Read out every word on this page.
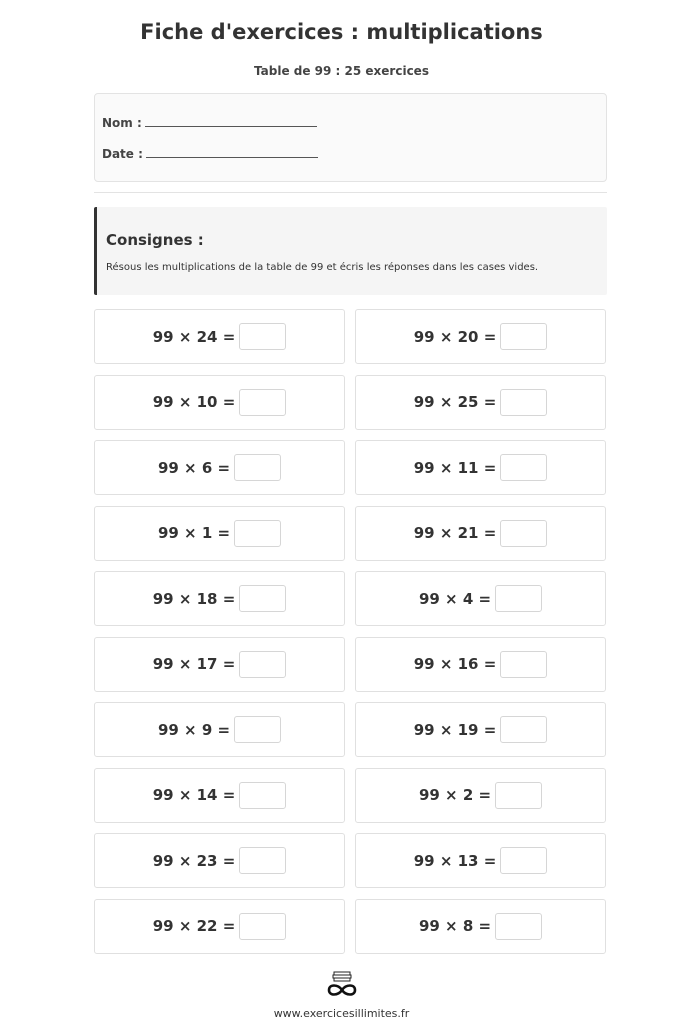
Fiche d'exercices : multiplications
Table de 99 : 25 exercices
Nom :
Date :
Consignes :
Résous les multiplications de la table de 99 et écris les réponses dans les cases vides.
99 × 24 =	99 × 20 =
99 × 10 =	99 × 25 =
99 × 6 =	99 × 11 =
99 × 1 =	99 × 21 =
99 × 18 =	99 × 4 =
99 × 17 =	99 × 16 =
99 × 9 =	99 × 19 =
99 × 14 =	99 × 2 =
99 × 23 =	99 × 13 =
99 × 22 =	99 × 8 =
www.exercicesillimites.fr
